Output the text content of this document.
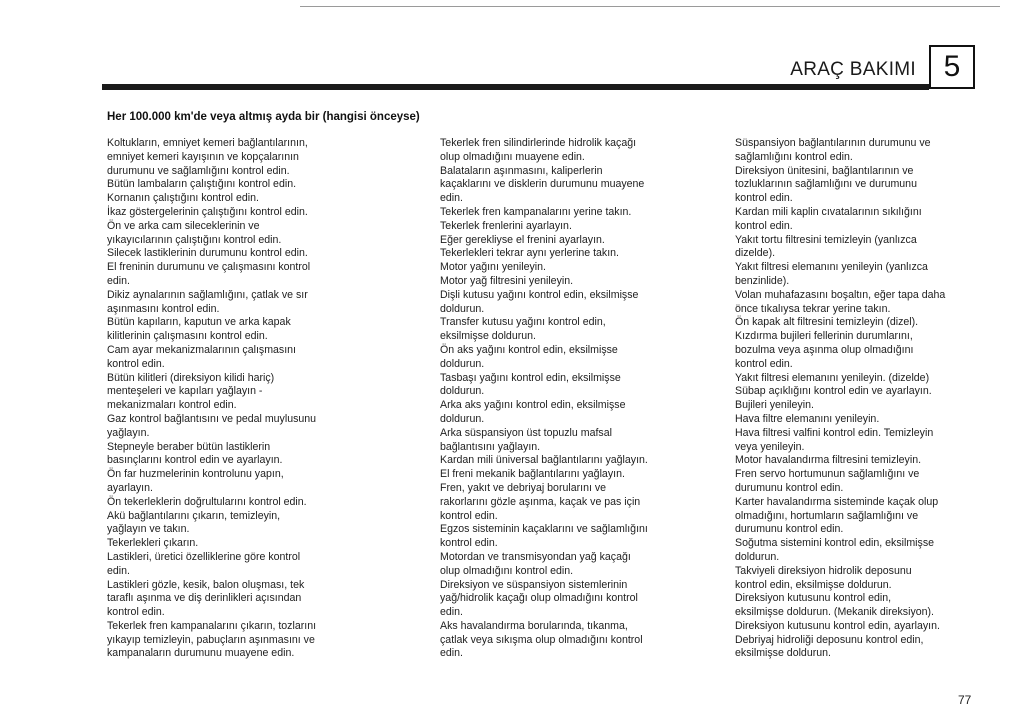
ARAÇ BAKIMI 5
Her 100.000 km'de veya altmış ayda bir (hangisi önceyse)
Koltukların, emniyet kemeri bağlantılarının,
emniyet kemeri kayışının ve kopçalarının
durumunu ve sağlamlığını kontrol edin.
Bütün lambaların çalıştığını kontrol edin.
Kornanın çalıştığını kontrol edin.
İkaz göstergelerinin çalıştığını kontrol edin.
Ön ve arka cam sileceklerinin ve
yıkayıcılarının çalıştığını kontrol edin.
Silecek lastiklerinin durumunu kontrol edin.
El freninin durumunu ve çalışmasını kontrol
edin.
Dikiz aynalarının sağlamlığını, çatlak ve sır
aşınmasını kontrol edin.
Bütün kapıların, kaputun ve arka kapak
kilitlerinin çalışmasını kontrol edin.
Cam ayar mekanizmalarının çalışmasını
kontrol edin.
Bütün kilitleri (direksiyon kilidi hariç)
menteşeleri ve kapıları yağlayın -
mekanizmaları kontrol edin.
Gaz kontrol bağlantısını ve pedal muylusunu
yağlayın.
Stepneyle beraber bütün lastiklerin
basınçlarını kontrol edin ve ayarlayın.
Ön far huzmelerinin kontrolunu yapın,
ayarlayın.
Ön tekerleklerin doğrultularını kontrol edin.
Akü bağlantılarını çıkarın, temizleyin,
yağlayın ve takın.
Tekerlekleri çıkarın.
Lastikleri, üretici özelliklerine göre kontrol
edin.
Lastikleri gözle, kesik, balon oluşması, tek
taraflı aşınma ve diş derinlikleri açısından
kontrol edin.
Tekerlek fren kampanalarını çıkarın, tozlarını
yıkayıp temizleyin, pabuçların aşınmasını ve
kampanaların durumunu muayene edin.
Tekerlek fren silindirlerinde hidrolik kaçağı
olup olmadığını muayene edin.
Balataların aşınmasını, kaliperlerin
kaçaklarını ve disklerin durumunu muayene
edin.
Tekerlek fren kampanalarını yerine takın.
Tekerlek frenlerini ayarlayın.
Eğer gerekliyse el frenini ayarlayın.
Tekerlekleri tekrar aynı yerlerine takın.
Motor yağını yenileyin.
Motor yağ filtresini yenileyin.
Dişli kutusu yağını kontrol edin, eksilmişse
doldurun.
Transfer kutusu yağını kontrol edin,
eksilmişse doldurun.
Ön aks yağını kontrol edin, eksilmişse
doldurun.
Tasbaşı yağını kontrol edin, eksilmişse
doldurun.
Arka aks yağını kontrol edin, eksilmişse
doldurun.
Arka süspansiyon üst topuzlu mafsal
bağlantısını yağlayın.
Kardan mili üniversal bağlantılarını yağlayın.
El freni mekanik bağlantılarını yağlayın.
Fren, yakıt ve debriyaj borularını ve
rakorlarını gözle aşınma, kaçak ve pas için
kontrol edin.
Egzos sisteminin kaçaklarını ve sağlamlığını
kontrol edin.
Motordan ve transmisyondan yağ kaçağı
olup olmadığını kontrol edin.
Direksiyon ve süspansiyon sistemlerinin
yağ/hidrolik kaçağı olup olmadığını kontrol
edin.
Aks havalandırma borularında, tıkanma,
çatlak veya sıkışma olup olmadığını kontrol
edin.
Süspansiyon bağlantılarının durumunu ve
sağlamlığını kontrol edin.
Direksiyon ünitesini, bağlantılarının ve
tozluklarının sağlamlığını ve durumunu
kontrol edin.
Kardan mili kaplin cıvatalarının sıkılığını
kontrol edin.
Yakıt tortu filtresini temizleyin (yanlızca
dizelde).
Yakıt filtresi elemanını yenileyin (yanlızca
benzinlide).
Volan muhafazasını boşaltın, eğer tapa daha
önce tıkalıysa tekrar yerine takın.
Ön kapak alt filtresini temizleyin (dizel).
Kızdırma bujileri fellerinin durumlarını,
bozulma veya aşınma olup olmadığını
kontrol edin.
Yakıt filtresi elemanını yenileyin. (dizelde)
Sübap açıklığını kontrol edin ve ayarlayın.
Bujileri yenileyin.
Hava filtre elemanını yenileyin.
Hava filtresi valfini kontrol edin. Temizleyin
veya yenileyin.
Motor havalandırma filtresini temizleyin.
Fren servo hortumunun sağlamlığını ve
durumunu kontrol edin.
Karter havalandırma sisteminde kaçak olup
olmadığını, hortumların sağlamlığını ve
durumunu kontrol edin.
Soğutma sistemini kontrol edin, eksilmişse
doldurun.
Takviyeli direksiyon hidrolik deposunu
kontrol edin, eksilmişse doldurun.
Direksiyon kutusunu kontrol edin,
eksilmişse doldurun. (Mekanik direksiyon).
Direksiyon kutusunu kontrol edin, ayarlayın.
Debriyaj hidroliği deposunu kontrol edin,
eksilmişse doldurun.
77
